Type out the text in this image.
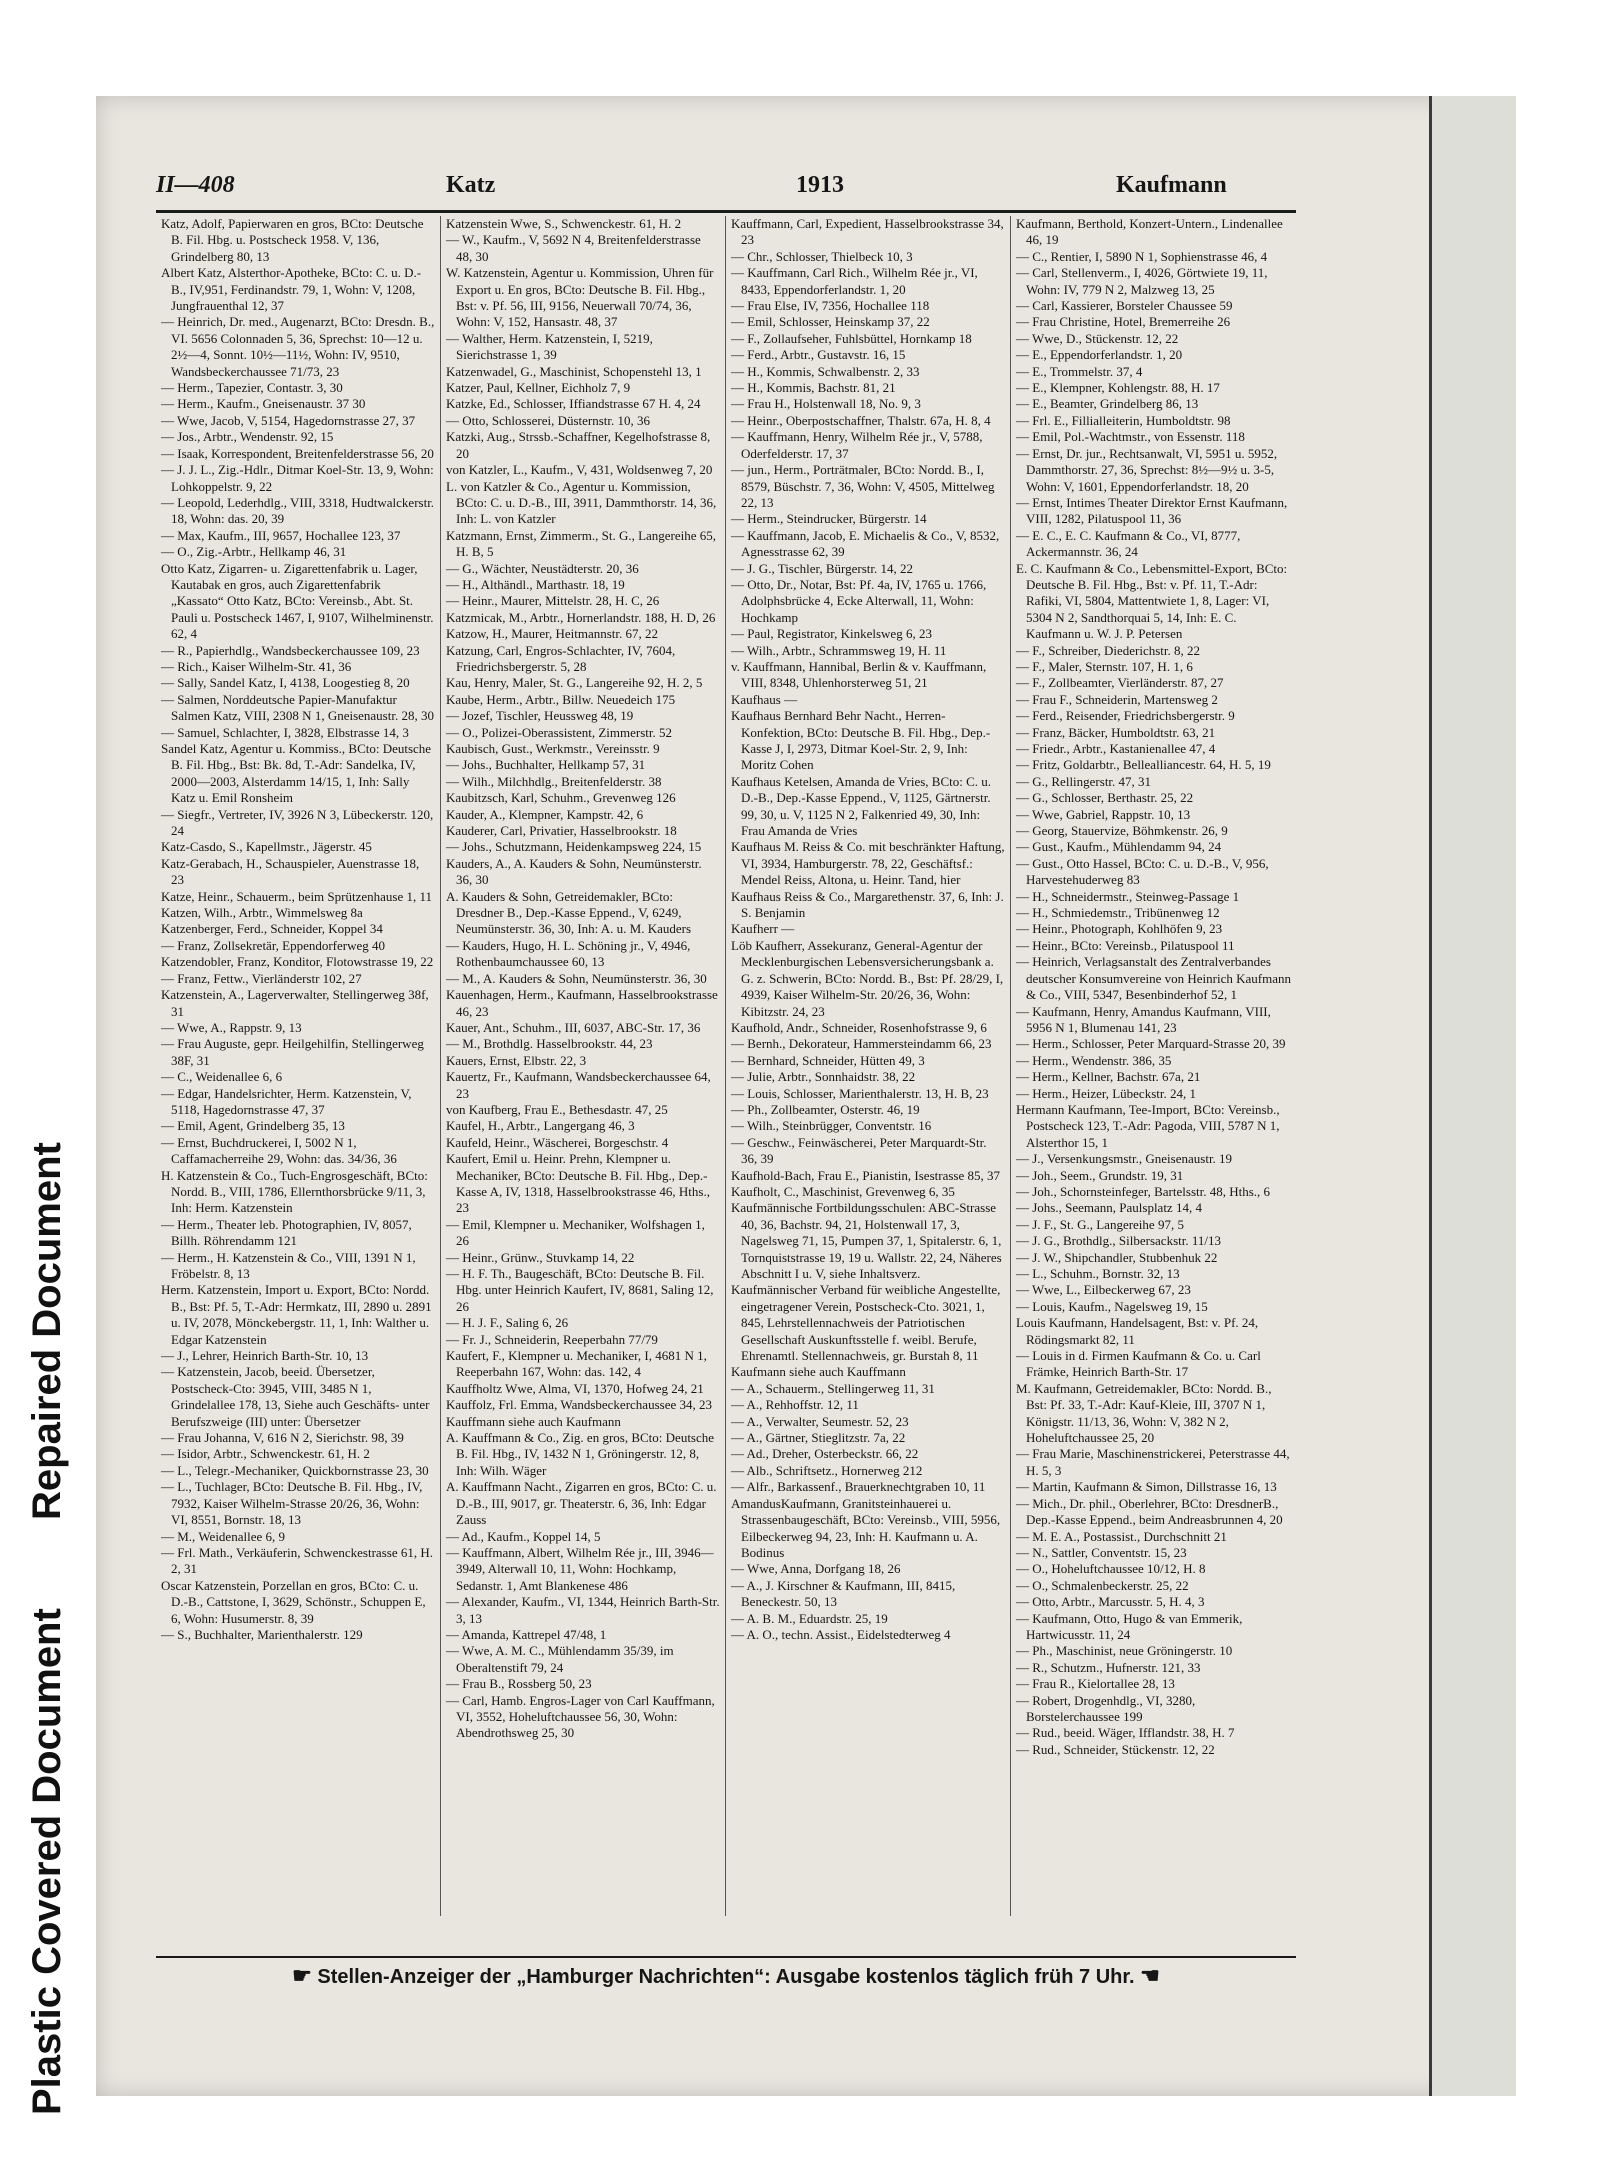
Plastic Covered Document
Repaired Document
II—408	Katz	1913	Kaufmann

Katz, Adolf, Papierwaren en gros, BCto: Deutsche B. Fil. Hbg. u. Postscheck 1958. V, 136, Grindelberg 80, 13

Albert Katz, Alsterthor-Apotheke, BCto: C. u. D.-B., IV,951, Ferdinandstr. 79, 1, Wohn: V, 1208, Jungfrauenthal 12, 37

— Heinrich, Dr. med., Augenarzt, BCto: Dresdn. B., VI. 5656 Colonnaden 5, 36, Sprechst: 10—12 u. 2½—4, Sonnt. 10½—11½, Wohn: IV, 9510, Wandsbeckerchaussee 71/73, 23

— Herm., Tapezier, Contastr. 3, 30

— Herm., Kaufm., Gneisenaustr. 37 30

— Wwe, Jacob, V, 5154, Hagedornstrasse 27, 37

— Jos., Arbtr., Wendenstr. 92, 15

— Isaak, Korrespondent, Breitenfelderstrasse 56, 20

— J. J. L., Zig.-Hdlr., Ditmar Koel-Str. 13, 9, Wohn: Lohkoppelstr. 9, 22

— Leopold, Lederhdlg., VIII, 3318, Hudtwalckerstr. 18, Wohn: das. 20, 39

— Max, Kaufm., III, 9657, Hochallee 123, 37

— O., Zig.-Arbtr., Hellkamp 46, 31

Otto Katz, Zigarren- u. Zigarettenfabrik u. Lager, Kautabak en gros, auch Zigarettenfabrik „Kassato“ Otto Katz, BCto: Vereinsb., Abt. St. Pauli u. Postscheck 1467, I, 9107, Wilhelminenstr. 62, 4

— R., Papierhdlg., Wandsbeckerchaussee 109, 23

— Rich., Kaiser Wilhelm-Str. 41, 36

— Sally, Sandel Katz, I, 4138, Loogestieg 8, 20

— Salmen, Norddeutsche Papier-Manufaktur Salmen Katz, VIII, 2308 N 1, Gneisenaustr. 28, 30

— Samuel, Schlachter, I, 3828, Elbstrasse 14, 3

Sandel Katz, Agentur u. Kommiss., BCto: Deutsche B. Fil. Hbg., Bst: Bk. 8d, T.-Adr: Sandelka, IV, 2000—2003, Alsterdamm 14/15, 1, Inh: Sally Katz u. Emil Ronsheim

— Siegfr., Vertreter, IV, 3926 N 3, Lübeckerstr. 120, 24

Katz-Casdo, S., Kapellmstr., Jägerstr. 45

Katz-Gerabach, H., Schauspieler, Auenstrasse 18, 23

Katze, Heinr., Schauerm., beim Sprützenhause 1, 11

Katzen, Wilh., Arbtr., Wimmelsweg 8a

Katzenberger, Ferd., Schneider, Koppel 34

— Franz, Zollsekretär, Eppendorferweg 40

Katzendobler, Franz, Konditor, Flotowstrasse 19, 22

— Franz, Fettw., Vierländerstr 102, 27

Katzenstein, A., Lagerverwalter, Stellingerweg 38f, 31

— Wwe, A., Rappstr. 9, 13

— Frau Auguste, gepr. Heilgehilfin, Stellingerweg 38F, 31

— C., Weidenallee 6, 6

— Edgar, Handelsrichter, Herm. Katzenstein, V, 5118, Hagedornstrasse 47, 37

— Emil, Agent, Grindelberg 35, 13

— Ernst, Buchdruckerei, I, 5002 N 1, Caffamacherreihe 29, Wohn: das. 34/36, 36

H. Katzenstein & Co., Tuch-Engrosgeschäft, BCto: Nordd. B., VIII, 1786, Ellernthorsbrücke 9/11, 3, Inh: Herm. Katzenstein

— Herm., Theater leb. Photographien, IV, 8057, Billh. Röhrendamm 121

— Herm., H. Katzenstein & Co., VIII, 1391 N 1, Fröbelstr. 8, 13

Herm. Katzenstein, Import u. Export, BCto: Nordd. B., Bst: Pf. 5, T.-Adr: Hermkatz, III, 2890 u. 2891 u. IV, 2078, Mönckebergstr. 11, 1, Inh: Walther u. Edgar Katzenstein

— J., Lehrer, Heinrich Barth-Str. 10, 13

— Katzenstein, Jacob, beeid. Übersetzer, Postscheck-Cto: 3945, VIII, 3485 N 1, Grindelallee 178, 13, Siehe auch Geschäfts- unter Berufszweige (III) unter: Übersetzer

— Frau Johanna, V, 616 N 2, Sierichstr. 98, 39

— Isidor, Arbtr., Schwenckestr. 61, H. 2

— L., Telegr.-Mechaniker, Quickbornstrasse 23, 30

— L., Tuchlager, BCto: Deutsche B. Fil. Hbg., IV, 7932, Kaiser Wilhelm-Strasse 20/26, 36, Wohn: VI, 8551, Bornstr. 18, 13

— M., Weidenallee 6, 9

— Frl. Math., Verkäuferin, Schwenckestrasse 61, H. 2, 31

Oscar Katzenstein, Porzellan en gros, BCto: C. u. D.-B., Cattstone, I, 3629, Schönstr., Schuppen E, 6, Wohn: Husumerstr. 8, 39

— S., Buchhalter, Marienthalerstr. 129

Katzenstein Wwe, S., Schwenckestr. 61, H. 2

— W., Kaufm., V, 5692 N 4, Breitenfelderstrasse 48, 30

W. Katzenstein, Agentur u. Kommission, Uhren für Export u. En gros, BCto: Deutsche B. Fil. Hbg., Bst: v. Pf. 56, III, 9156, Neuerwall 70/74, 36, Wohn: V, 152, Hansastr. 48, 37

— Walther, Herm. Katzenstein, I, 5219, Sierichstrasse 1, 39

Katzenwadel, G., Maschinist, Schopenstehl 13, 1

Katzer, Paul, Kellner, Eichholz 7, 9

Katzke, Ed., Schlosser, Iffiandstrasse 67 H. 4, 24

— Otto, Schlosserei, Düsternstr. 10, 36

Katzki, Aug., Strssb.-Schaffner, Kegelhofstrasse 8, 20

von Katzler, L., Kaufm., V, 431, Woldsenweg 7, 20

L. von Katzler & Co., Agentur u. Kommission, BCto: C. u. D.-B., III, 3911, Dammthorstr. 14, 36, Inh: L. von Katzler

Katzmann, Ernst, Zimmerm., St. G., Langereihe 65, H. B, 5

— G., Wächter, Neustädterstr. 20, 36

— H., Althändl., Marthastr. 18, 19

— Heinr., Maurer, Mittelstr. 28, H. C, 26

Katzmicak, M., Arbtr., Hornerlandstr. 188, H. D, 26

Katzow, H., Maurer, Heitmannstr. 67, 22

Katzung, Carl, Engros-Schlachter, IV, 7604, Friedrichsbergerstr. 5, 28

Kau, Henry, Maler, St. G., Langereihe 92, H. 2, 5

Kaube, Herm., Arbtr., Billw. Neuedeich 175

— Jozef, Tischler, Heussweg 48, 19

— O., Polizei-Oberassistent, Zimmerstr. 52

Kaubisch, Gust., Werkmstr., Vereinsstr. 9

— Johs., Buchhalter, Hellkamp 57, 31

— Wilh., Milchhdlg., Breitenfelderstr. 38

Kaubitzsch, Karl, Schuhm., Grevenweg 126

Kauder, A., Klempner, Kampstr. 42, 6

Kauderer, Carl, Privatier, Hasselbrookstr. 18

— Johs., Schutzmann, Heidenkampsweg 224, 15

Kauders, A., A. Kauders & Sohn, Neumünsterstr. 36, 30

A. Kauders & Sohn, Getreidemakler, BCto: Dresdner B., Dep.-Kasse Eppend., V, 6249, Neumünsterstr. 36, 30, Inh: A. u. M. Kauders

— Kauders, Hugo, H. L. Schöning jr., V, 4946, Rothenbaumchaussee 60, 13

— M., A. Kauders & Sohn, Neumünsterstr. 36, 30

Kauenhagen, Herm., Kaufmann, Hasselbrookstrasse 46, 23

Kauer, Ant., Schuhm., III, 6037, ABC-Str. 17, 36

— M., Brothdlg. Hasselbrookstr. 44, 23

Kauers, Ernst, Elbstr. 22, 3

Kauertz, Fr., Kaufmann, Wandsbeckerchaussee 64, 23

von Kaufberg, Frau E., Bethesdastr. 47, 25

Kaufel, H., Arbtr., Langergang 46, 3

Kaufeld, Heinr., Wäscherei, Borgeschstr. 4

Kaufert, Emil u. Heinr. Prehn, Klempner u. Mechaniker, BCto: Deutsche B. Fil. Hbg., Dep.-Kasse A, IV, 1318, Hasselbrookstrasse 46, Hths., 23

— Emil, Klempner u. Mechaniker, Wolfshagen 1, 26

— Heinr., Grünw., Stuvkamp 14, 22

— H. F. Th., Baugeschäft, BCto: Deutsche B. Fil. Hbg. unter Heinrich Kaufert, IV, 8681, Saling 12, 26

— H. J. F., Saling 6, 26

— Fr. J., Schneiderin, Reeperbahn 77/79

Kaufert, F., Klempner u. Mechaniker, I, 4681 N 1, Reeperbahn 167, Wohn: das. 142, 4

Kauffholtz Wwe, Alma, VI, 1370, Hofweg 24, 21

Kauffolz, Frl. Emma, Wandsbeckerchaussee 34, 23

Kauffmann siehe auch Kaufmann

A. Kauffmann & Co., Zig. en gros, BCto: Deutsche B. Fil. Hbg., IV, 1432 N 1, Gröningerstr. 12, 8, Inh: Wilh. Wäger

A. Kauffmann Nacht., Zigarren en gros, BCto: C. u. D.-B., III, 9017, gr. Theaterstr. 6, 36, Inh: Edgar Zauss

— Ad., Kaufm., Koppel 14, 5

— Kauffmann, Albert, Wilhelm Rée jr., III, 3946—3949, Alterwall 10, 11, Wohn: Hochkamp, Sedanstr. 1, Amt Blankenese 486

— Alexander, Kaufm., VI, 1344, Heinrich Barth-Str. 3, 13

— Amanda, Kattrepel 47/48, 1

— Wwe, A. M. C., Mühlendamm 35/39, im Oberaltenstift 79, 24

— Frau B., Rossberg 50, 23

— Carl, Hamb. Engros-Lager von Carl Kauffmann, VI, 3552, Hoheluftchaussee 56, 30, Wohn: Abendrothsweg 25, 30

Kauffmann, Carl, Expedient, Hasselbrookstrasse 34, 23

— Chr., Schlosser, Thielbeck 10, 3

— Kauffmann, Carl Rich., Wilhelm Rée jr., VI, 8433, Eppendorferlandstr. 1, 20

— Frau Else, IV, 7356, Hochallee 118

— Emil, Schlosser, Heinskamp 37, 22

— F., Zollaufseher, Fuhlsbüttel, Hornkamp 18

— Ferd., Arbtr., Gustavstr. 16, 15

— H., Kommis, Schwalbenstr. 2, 33

— H., Kommis, Bachstr. 81, 21

— Frau H., Holstenwall 18, No. 9, 3

— Heinr., Oberpostschaffner, Thalstr. 67a, H. 8, 4

— Kauffmann, Henry, Wilhelm Rée jr., V, 5788, Oderfelderstr. 17, 37

— jun., Herm., Porträtmaler, BCto: Nordd. B., I, 8579, Büschstr. 7, 36, Wohn: V, 4505, Mittelweg 22, 13

— Herm., Steindrucker, Bürgerstr. 14

— Kauffmann, Jacob, E. Michaelis & Co., V, 8532, Agnesstrasse 62, 39

— J. G., Tischler, Bürgerstr. 14, 22

— Otto, Dr., Notar, Bst: Pf. 4a, IV, 1765 u. 1766, Adolphsbrücke 4, Ecke Alterwall, 11, Wohn: Hochkamp

— Paul, Registrator, Kinkelsweg 6, 23

— Wilh., Arbtr., Schrammsweg 19, H. 11

v. Kauffmann, Hannibal, Berlin & v. Kauffmann, VIII, 8348, Uhlenhorsterweg 51, 21

Kaufhaus —

Kaufhaus Bernhard Behr Nacht., Herren-Konfektion, BCto: Deutsche B. Fil. Hbg., Dep.-Kasse J, I, 2973, Ditmar Koel-Str. 2, 9, Inh: Moritz Cohen

Kaufhaus Ketelsen, Amanda de Vries, BCto: C. u. D.-B., Dep.-Kasse Eppend., V, 1125, Gärtnerstr. 99, 30, u. V, 1125 N 2, Falkenried 49, 30, Inh: Frau Amanda de Vries

Kaufhaus M. Reiss & Co. mit beschränkter Haftung, VI, 3934, Hamburgerstr. 78, 22, Geschäftsf.: Mendel Reiss, Altona, u. Heinr. Tand, hier

Kaufhaus Reiss & Co., Margarethenstr. 37, 6, Inh: J. S. Benjamin

Kaufherr —

Löb Kaufherr, Assekuranz, General-Agentur der Mecklenburgischen Lebensversicherungsbank a. G. z. Schwerin, BCto: Nordd. B., Bst: Pf. 28/29, I, 4939, Kaiser Wilhelm-Str. 20/26, 36, Wohn: Kibitzstr. 24, 23

Kaufhold, Andr., Schneider, Rosenhofstrasse 9, 6

— Bernh., Dekorateur, Hammersteindamm 66, 23

— Bernhard, Schneider, Hütten 49, 3

— Julie, Arbtr., Sonnhaidstr. 38, 22

— Louis, Schlosser, Marienthalerstr. 13, H. B, 23

— Ph., Zollbeamter, Osterstr. 46, 19

— Wilh., Steinbrügger, Conventstr. 16

— Geschw., Feinwäscherei, Peter Marquardt-Str. 36, 39

Kaufhold-Bach, Frau E., Pianistin, Isestrasse 85, 37

Kaufholt, C., Maschinist, Grevenweg 6, 35

Kaufmännische Fortbildungsschulen: ABC-Strasse 40, 36, Bachstr. 94, 21, Holstenwall 17, 3, Nagelsweg 71, 15, Pumpen 37, 1, Spitalerstr. 6, 1, Tornquiststrasse 19, 19 u. Wallstr. 22, 24, Näheres Abschnitt I u. V, siehe Inhaltsverz.

Kaufmännischer Verband für weibliche Angestellte, eingetragener Verein, Postscheck-Cto. 3021, 1, 845, Lehrstellennachweis der Patriotischen Gesellschaft Auskunftsstelle f. weibl. Berufe, Ehrenamtl. Stellennachweis, gr. Burstah 8, 11

Kaufmann siehe auch Kauffmann

— A., Schauerm., Stellingerweg 11, 31

— A., Rehhoffstr. 12, 11

— A., Verwalter, Seumestr. 52, 23

— A., Gärtner, Stieglitzstr. 7a, 22

— Ad., Dreher, Osterbeckstr. 66, 22

— Alb., Schriftsetz., Hornerweg 212

— Alfr., Barkassenf., Brauerknechtgraben 10, 11

AmandusKaufmann, Granitsteinhauerei u. Strassenbaugeschäft, BCto: Vereinsb., VIII, 5956, Eilbeckerweg 94, 23, Inh: H. Kaufmann u. A. Bodinus

— Wwe, Anna, Dorfgang 18, 26

— A., J. Kirschner & Kaufmann, III, 8415, Beneckestr. 50, 13

— A. B. M., Eduardstr. 25, 19

— A. O., techn. Assist., Eidelstedterweg 4

Kaufmann, Berthold, Konzert-Untern., Lindenallee 46, 19

— C., Rentier, I, 5890 N 1, Sophienstrasse 46, 4

— Carl, Stellenverm., I, 4026, Görtwiete 19, 11, Wohn: IV, 779 N 2, Malzweg 13, 25

— Carl, Kassierer, Borsteler Chaussee 59

— Frau Christine, Hotel, Bremerreihe 26

— Wwe, D., Stückenstr. 12, 22

— E., Eppendorferlandstr. 1, 20

— E., Trommelstr. 37, 4

— E., Klempner, Kohlengstr. 88, H. 17

— E., Beamter, Grindelberg 86, 13

— Frl. E., Fillialleiterin, Humboldtstr. 98

— Emil, Pol.-Wachtmstr., von Essenstr. 118

— Ernst, Dr. jur., Rechtsanwalt, VI, 5951 u. 5952, Dammthorstr. 27, 36, Sprechst: 8½—9½ u. 3-5, Wohn: V, 1601, Eppendorferlandstr. 18, 20

— Ernst, Intimes Theater Direktor Ernst Kaufmann, VIII, 1282, Pilatuspool 11, 36

— E. C., E. C. Kaufmann & Co., VI, 8777, Ackermannstr. 36, 24

E. C. Kaufmann & Co., Lebensmittel-Export, BCto: Deutsche B. Fil. Hbg., Bst: v. Pf. 11, T.-Adr: Rafiki, VI, 5804, Mattentwiete 1, 8, Lager: VI, 5304 N 2, Sandthorquai 5, 14, Inh: E. C. Kaufmann u. W. J. P. Petersen

— F., Schreiber, Diederichstr. 8, 22

— F., Maler, Sternstr. 107, H. 1, 6

— F., Zollbeamter, Vierländerstr. 87, 27

— Frau F., Schneiderin, Martensweg 2

— Ferd., Reisender, Friedrichsbergerstr. 9

— Franz, Bäcker, Humboldtstr. 63, 21

— Friedr., Arbtr., Kastanienallee 47, 4

— Fritz, Goldarbtr., Bellealliancestr. 64, H. 5, 19

— G., Rellingerstr. 47, 31

— G., Schlosser, Berthastr. 25, 22

— Wwe, Gabriel, Rappstr. 10, 13

— Georg, Stauervize, Böhmkenstr. 26, 9

— Gust., Kaufm., Mühlendamm 94, 24

— Gust., Otto Hassel, BCto: C. u. D.-B., V, 956, Harvestehuderweg 83

— H., Schneidermstr., Steinweg-Passage 1

— H., Schmiedemstr., Tribünenweg 12

— Heinr., Photograph, Kohlhöfen 9, 23

— Heinr., BCto: Vereinsb., Pilatuspool 11

— Heinrich, Verlagsanstalt des Zentralverbandes deutscher Konsumvereine von Heinrich Kaufmann & Co., VIII, 5347, Besenbinderhof 52, 1

— Kaufmann, Henry, Amandus Kaufmann, VIII, 5956 N 1, Blumenau 141, 23

— Herm., Schlosser, Peter Marquard-Strasse 20, 39

— Herm., Wendenstr. 386, 35

— Herm., Kellner, Bachstr. 67a, 21

— Herm., Heizer, Lübeckstr. 24, 1

Hermann Kaufmann, Tee-Import, BCto: Vereinsb., Postscheck 123, T.-Adr: Pagoda, VIII, 5787 N 1, Alsterthor 15, 1

— J., Versenkungsmstr., Gneisenaustr. 19

— Joh., Seem., Grundstr. 19, 31

— Joh., Schornsteinfeger, Bartelsstr. 48, Hths., 6

— Johs., Seemann, Paulsplatz 14, 4

— J. F., St. G., Langereihe 97, 5

— J. G., Brothdlg., Silbersackstr. 11/13

— J. W., Shipchandler, Stubbenhuk 22

— L., Schuhm., Bornstr. 32, 13

— Wwe, L., Eilbeckerweg 67, 23

— Louis, Kaufm., Nagelsweg 19, 15

Louis Kaufmann, Handelsagent, Bst: v. Pf. 24, Rödingsmarkt 82, 11

— Louis in d. Firmen Kaufmann & Co. u. Carl Främke, Heinrich Barth-Str. 17

M. Kaufmann, Getreidemakler, BCto: Nordd. B., Bst: Pf. 33, T.-Adr: Kauf-Kleie, III, 3707 N 1, Königstr. 11/13, 36, Wohn: V, 382 N 2, Hoheluftchaussee 25, 20

— Frau Marie, Maschinenstrickerei, Peterstrasse 44, H. 5, 3

— Martin, Kaufmann & Simon, Dillstrasse 16, 13

— Mich., Dr. phil., Oberlehrer, BCto: DresdnerB., Dep.-Kasse Eppend., beim Andreasbrunnen 4, 20

— M. E. A., Postassist., Durchschnitt 21

— N., Sattler, Conventstr. 15, 23

— O., Hoheluftchaussee 10/12, H. 8

— O., Schmalenbeckerstr. 25, 22

— Otto, Arbtr., Marcusstr. 5, H. 4, 3

— Kaufmann, Otto, Hugo & van Emmerik, Hartwicusstr. 11, 24

— Ph., Maschinist, neue Gröningerstr. 10

— R., Schutzm., Hufnerstr. 121, 33

— Frau R., Kielortallee 28, 13

— Robert, Drogenhdlg., VI, 3280, Borstelerchaussee 199

— Rud., beeid. Wäger, Ifflandstr. 38, H. 7

— Rud., Schneider, Stückenstr. 12, 22

☛ Stellen-Anzeiger der „Hamburger Nachrichten“: Ausgabe kostenlos täglich früh 7 Uhr. ☚
